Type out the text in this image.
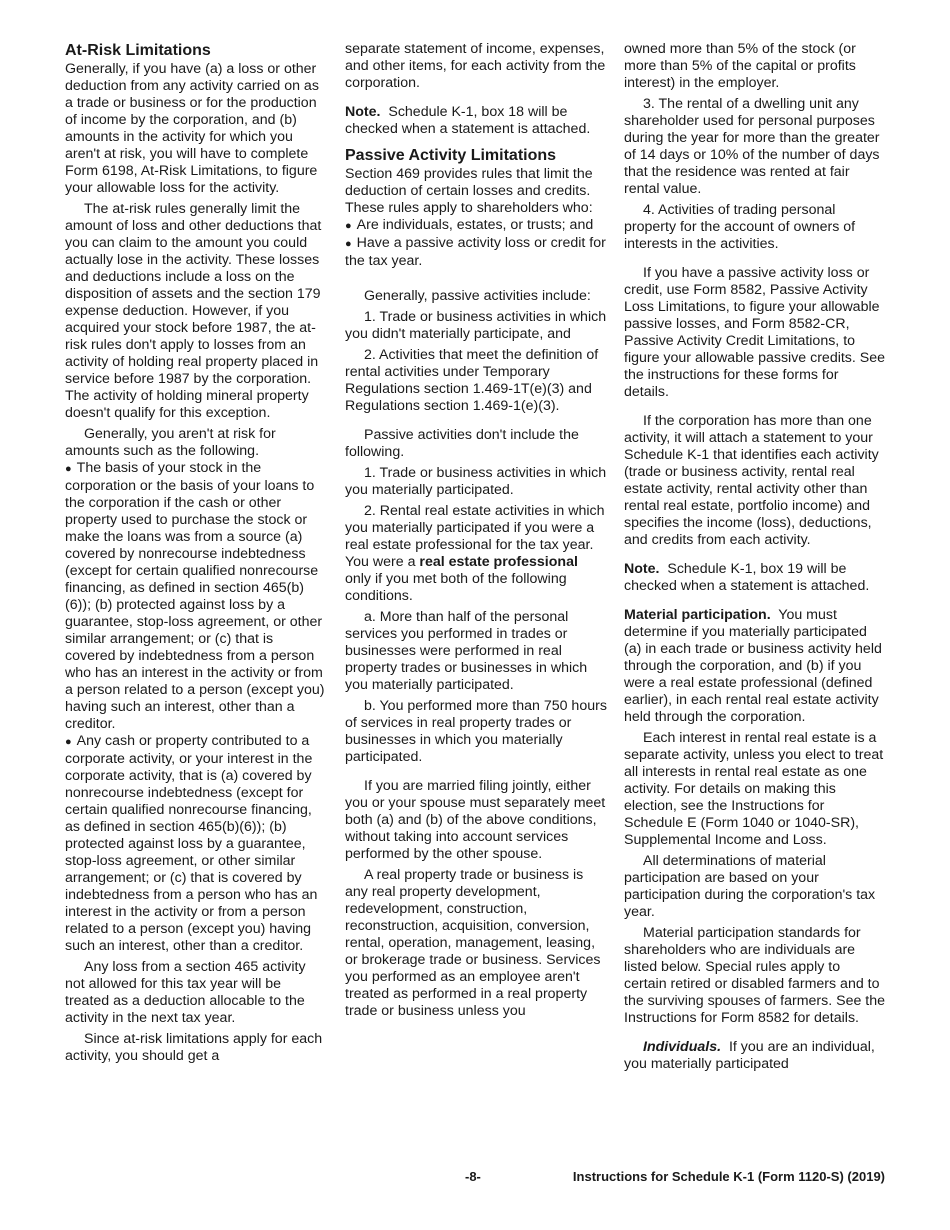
At-Risk Limitations

Generally, if you have (a) a loss or other deduction from any activity carried on as a trade or business or for the production of income by the corporation, and (b) amounts in the activity for which you aren't at risk, you will have to complete Form 6198, At-Risk Limitations, to figure your allowable loss for the activity.

The at-risk rules generally limit the amount of loss and other deductions that you can claim to the amount you could actually lose in the activity. These losses and deductions include a loss on the disposition of assets and the section 179 expense deduction. However, if you acquired your stock before 1987, the at-risk rules don't apply to losses from an activity of holding real property placed in service before 1987 by the corporation. The activity of holding mineral property doesn't qualify for this exception.

Generally, you aren't at risk for amounts such as the following.

● The basis of your stock in the corporation or the basis of your loans to the corporation if the cash or other property used to purchase the stock or make the loans was from a source (a) covered by nonrecourse indebtedness (except for certain qualified nonrecourse financing, as defined in section 465(b)(6)); (b) protected against loss by a guarantee, stop-loss agreement, or other similar arrangement; or (c) that is covered by indebtedness from a person who has an interest in the activity or from a person related to a person (except you) having such an interest, other than a creditor.

● Any cash or property contributed to a corporate activity, or your interest in the corporate activity, that is (a) covered by nonrecourse indebtedness (except for certain qualified nonrecourse financing, as defined in section 465(b)(6)); (b) protected against loss by a guarantee, stop-loss agreement, or other similar arrangement; or (c) that is covered by indebtedness from a person who has an interest in the activity or from a person related to a person (except you) having such an interest, other than a creditor.

Any loss from a section 465 activity not allowed for this tax year will be treated as a deduction allocable to the activity in the next tax year.

Since at-risk limitations apply for each activity, you should get a

separate statement of income, expenses, and other items, for each activity from the corporation.

Note. Schedule K-1, box 18 will be checked when a statement is attached.

Passive Activity Limitations

Section 469 provides rules that limit the deduction of certain losses and credits. These rules apply to shareholders who:

● Are individuals, estates, or trusts; and

● Have a passive activity loss or credit for the tax year.

Generally, passive activities include:

1. Trade or business activities in which you didn't materially participate, and

2. Activities that meet the definition of rental activities under Temporary Regulations section 1.469-1T(e)(3) and Regulations section 1.469-1(e)(3).

Passive activities don't include the following.

1. Trade or business activities in which you materially participated.

2. Rental real estate activities in which you materially participated if you were a real estate professional for the tax year. You were a real estate professional only if you met both of the following conditions.

a. More than half of the personal services you performed in trades or businesses were performed in real property trades or businesses in which you materially participated.

b. You performed more than 750 hours of services in real property trades or businesses in which you materially participated.

If you are married filing jointly, either you or your spouse must separately meet both (a) and (b) of the above conditions, without taking into account services performed by the other spouse.

A real property trade or business is any real property development, redevelopment, construction, reconstruction, acquisition, conversion, rental, operation, management, leasing, or brokerage trade or business. Services you performed as an employee aren't treated as performed in a real property trade or business unless you

owned more than 5% of the stock (or more than 5% of the capital or profits interest) in the employer.

3. The rental of a dwelling unit any shareholder used for personal purposes during the year for more than the greater of 14 days or 10% of the number of days that the residence was rented at fair rental value.

4. Activities of trading personal property for the account of owners of interests in the activities.

If you have a passive activity loss or credit, use Form 8582, Passive Activity Loss Limitations, to figure your allowable passive losses, and Form 8582-CR, Passive Activity Credit Limitations, to figure your allowable passive credits. See the instructions for these forms for details.

If the corporation has more than one activity, it will attach a statement to your Schedule K-1 that identifies each activity (trade or business activity, rental real estate activity, rental activity other than rental real estate, portfolio income) and specifies the income (loss), deductions, and credits from each activity.

Note. Schedule K-1, box 19 will be checked when a statement is attached.

Material participation. You must determine if you materially participated (a) in each trade or business activity held through the corporation, and (b) if you were a real estate professional (defined earlier), in each rental real estate activity held through the corporation.

Each interest in rental real estate is a separate activity, unless you elect to treat all interests in rental real estate as one activity. For details on making this election, see the Instructions for Schedule E (Form 1040 or 1040-SR), Supplemental Income and Loss.

All determinations of material participation are based on your participation during the corporation's tax year.

Material participation standards for shareholders who are individuals are listed below. Special rules apply to certain retired or disabled farmers and to the surviving spouses of farmers. See the Instructions for Form 8582 for details.

Individuals. If you are an individual, you materially participated

-8-	Instructions for Schedule K-1 (Form 1120-S) (2019)
